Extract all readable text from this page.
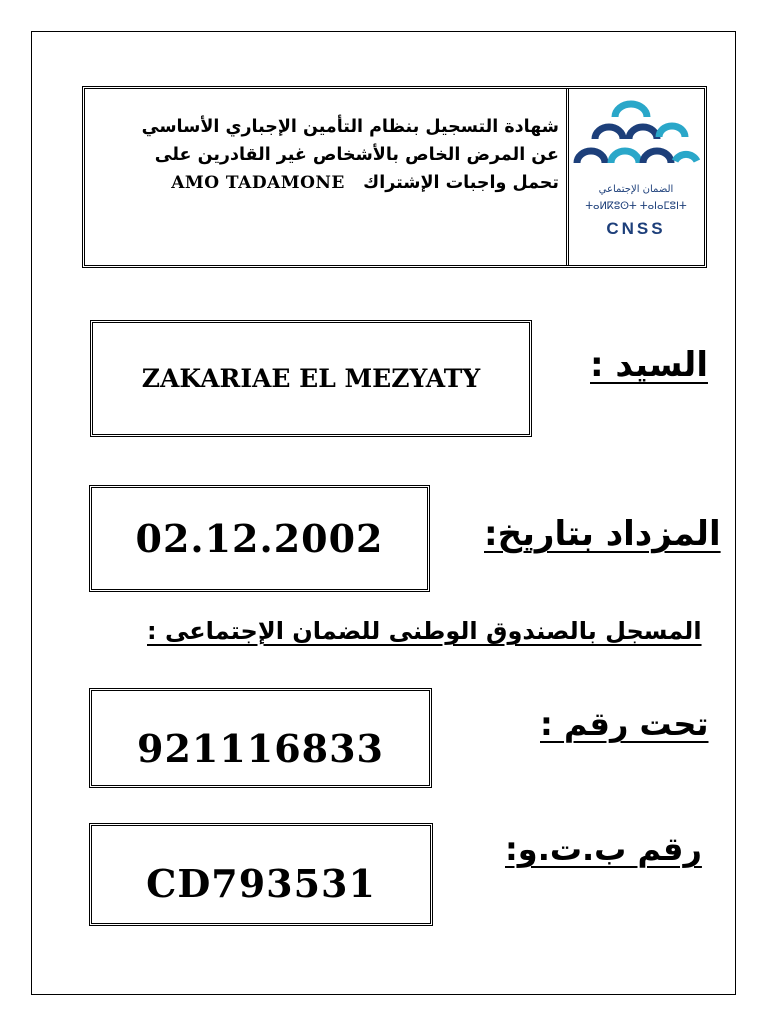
شهادة التسجيل بنظام التأمين الإجباري الأساسي
عن المرض الخاص بالأشخاص غير القادرين على
تحمل واجبات الإشتراك   AMO TADAMONE	الضمان الإجتماعي
ⵜⴰⵍⴽⵓⵙⵜ ⵜⴰⵏⴰⵎⵓⵏⵜ
CNSS
السيد :
ZAKARIAE EL MEZYATY
المزداد بتاريخ:
02.12.2002
المسجل بالصندوق الوطنى للضمان الإجتماعى :
تحت رقم :
921116833
رقم ب.ت.و:
CD793531
